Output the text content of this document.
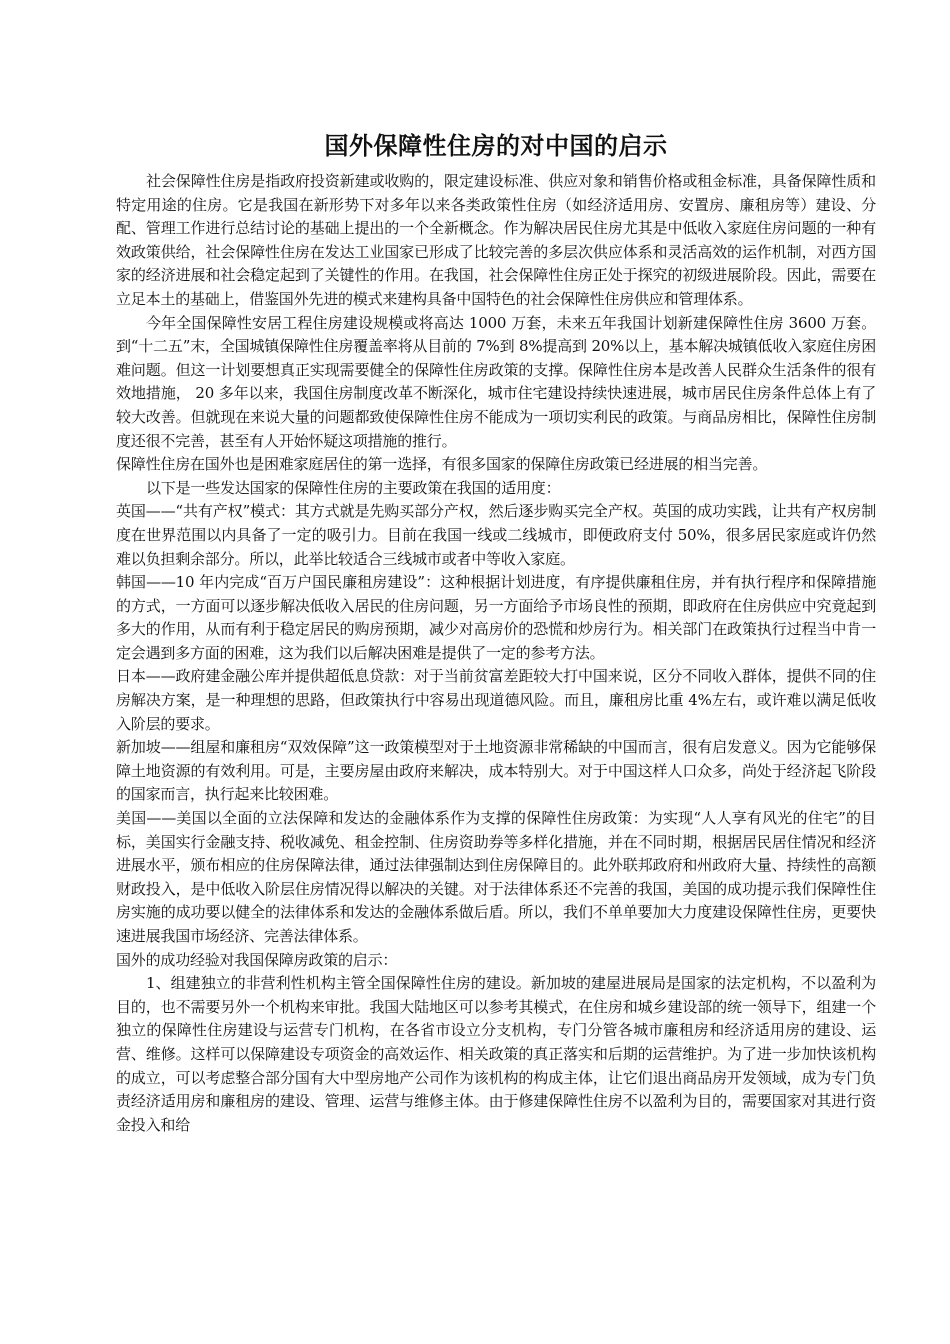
国外保障性住房的对中国的启示

社会保障性住房是指政府投资新建或收购的，限定建设标准、供应对象和销售价格或租金标准，具备保障性质和特定用途的住房。它是我国在新形势下对多年以来各类政策性住房（如经济适用房、安置房、廉租房等）建设、分配、管理工作进行总结讨论的基础上提出的一个全新概念。作为解决居民住房尤其是中低收入家庭住房问题的一种有效政策供给，社会保障性住房在发达工业国家已形成了比较完善的多层次供应体系和灵活高效的运作机制，对西方国家的经济进展和社会稳定起到了关键性的作用。在我国，社会保障性住房正处于探究的初级进展阶段。因此，需要在立足本土的基础上，借鉴国外先进的模式来建构具备中国特色的社会保障性住房供应和管理体系。

今年全国保障性安居工程住房建设规模或将高达 1000 万套，未来五年我国计划新建保障性住房 3600 万套。到“十二五”末，全国城镇保障性住房覆盖率将从目前的 7%到 8%提高到 20%以上，基本解决城镇低收入家庭住房困难问题。但这一计划要想真正实现需要健全的保障性住房政策的支撑。保障性住房本是改善人民群众生活条件的很有效地措施， 20 多年以来，我国住房制度改革不断深化，城市住宅建设持续快速进展，城市居民住房条件总体上有了较大改善。但就现在来说大量的问题都致使保障性住房不能成为一项切实利民的政策。与商品房相比，保障性住房制度还很不完善，甚至有人开始怀疑这项措施的推行。

保障性住房在国外也是困难家庭居住的第一选择，有很多国家的保障住房政策已经进展的相当完善。

以下是一些发达国家的保障性住房的主要政策在我国的适用度：

英国——“共有产权”模式：其方式就是先购买部分产权，然后逐步购买完全产权。英国的成功实践，让共有产权房制度在世界范围以内具备了一定的吸引力。目前在我国一线或二线城市，即便政府支付 50%，很多居民家庭或许仍然难以负担剩余部分。所以，此举比较适合三线城市或者中等收入家庭。

韩国——10 年内完成“百万户国民廉租房建设”：这种根据计划进度，有序提供廉租住房，并有执行程序和保障措施的方式，一方面可以逐步解决低收入居民的住房问题，另一方面给予市场良性的预期，即政府在住房供应中究竟起到多大的作用，从而有利于稳定居民的购房预期，减少对高房价的恐慌和炒房行为。相关部门在政策执行过程当中肯一定会遇到多方面的困难，这为我们以后解决困难是提供了一定的参考方法。

日本——政府建金融公库并提供超低息贷款：对于当前贫富差距较大打中国来说，区分不同收入群体，提供不同的住房解决方案，是一种理想的思路，但政策执行中容易出现道德风险。而且，廉租房比重 4%左右，或许难以满足低收入阶层的要求。

新加坡——组屋和廉租房“双效保障”这一政策模型对于土地资源非常稀缺的中国而言，很有启发意义。因为它能够保障土地资源的有效利用。可是，主要房屋由政府来解决，成本特别大。对于中国这样人口众多，尚处于经济起飞阶段的国家而言，执行起来比较困难。

美国——美国以全面的立法保障和发达的金融体系作为支撑的保障性住房政策：为实现“人人享有风光的住宅”的目标，美国实行金融支持、税收减免、租金控制、住房资助券等多样化措施，并在不同时期，根据居民居住情况和经济进展水平，颁布相应的住房保障法律，通过法律强制达到住房保障目的。此外联邦政府和州政府大量、持续性的高额财政投入，是中低收入阶层住房情况得以解决的关键。对于法律体系还不完善的我国，美国的成功提示我们保障性住房实施的成功要以健全的法律体系和发达的金融体系做后盾。所以，我们不单单要加大力度建设保障性住房，更要快速进展我国市场经济、完善法律体系。

国外的成功经验对我国保障房政策的启示：

1、组建独立的非营利性机构主管全国保障性住房的建设。新加坡的建屋进展局是国家的法定机构，不以盈利为目的，也不需要另外一个机构来审批。我国大陆地区可以参考其模式，在住房和城乡建设部的统一领导下，组建一个独立的保障性住房建设与运营专门机构，在各省市设立分支机构，专门分管各城市廉租房和经济适用房的建设、运营、维修。这样可以保障建设专项资金的高效运作、相关政策的真正落实和后期的运营维护。为了进一步加快该机构的成立，可以考虑整合部分国有大中型房地产公司作为该机构的构成主体，让它们退出商品房开发领域，成为专门负责经济适用房和廉租房的建设、管理、运营与维修主体。由于修建保障性住房不以盈利为目的，需要国家对其进行资金投入和给
